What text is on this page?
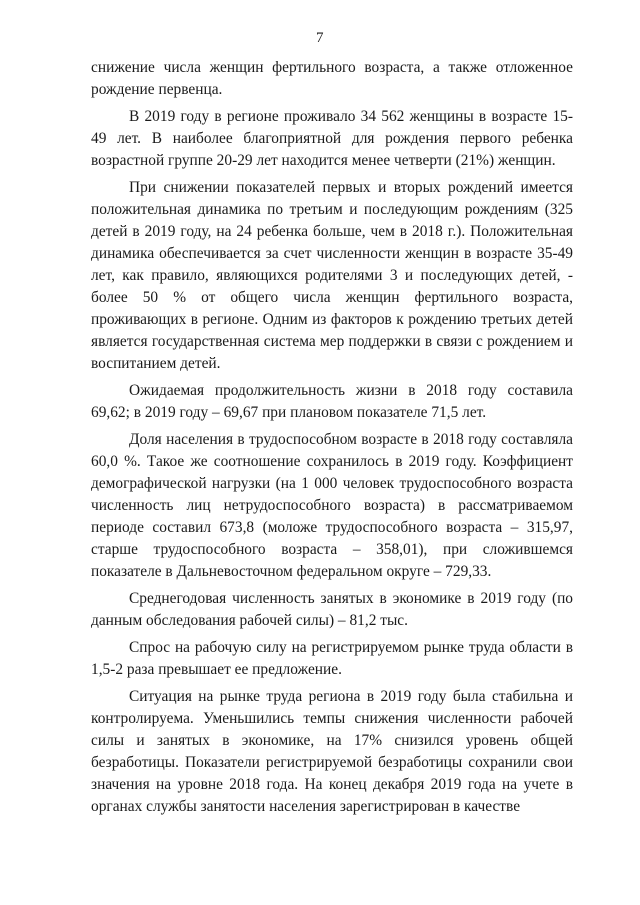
7

снижение числа женщин фертильного возраста, а также отложенное рождение первенца.

В 2019 году в регионе проживало 34 562 женщины в возрасте 15-49 лет. В наиболее благоприятной для рождения первого ребенка возрастной группе 20-29 лет находится менее четверти (21%) женщин.

При снижении показателей первых и вторых рождений имеется положительная динамика по третьим и последующим рождениям (325 детей в 2019 году, на 24 ребенка больше, чем в 2018 г.). Положительная динамика обеспечивается за счет численности женщин в возрасте 35-49 лет, как правило, являющихся родителями 3 и последующих детей, - более 50 % от общего числа женщин фертильного возраста, проживающих в регионе. Одним из факторов к рождению третьих детей является государственная система мер поддержки в связи с рождением и воспитанием детей.

Ожидаемая продолжительность жизни в 2018 году составила 69,62; в 2019 году – 69,67 при плановом показателе 71,5 лет.

Доля населения в трудоспособном возрасте в 2018 году составляла 60,0 %. Такое же соотношение сохранилось в 2019 году. Коэффициент демографической нагрузки (на 1 000 человек трудоспособного возраста численность лиц нетрудоспособного возраста) в рассматриваемом периоде составил 673,8 (моложе трудоспособного возраста – 315,97, старше трудоспособного возраста – 358,01), при сложившемся показателе в Дальневосточном федеральном округе – 729,33.

Среднегодовая численность занятых в экономике в 2019 году (по данным обследования рабочей силы) – 81,2 тыс.

Спрос на рабочую силу на регистрируемом рынке труда области в 1,5-2 раза превышает ее предложение.

Ситуация на рынке труда региона в 2019 году была стабильна и контролируема. Уменьшились темпы снижения численности рабочей силы и занятых в экономике, на 17% снизился уровень общей безработицы. Показатели регистрируемой безработицы сохранили свои значения на уровне 2018 года. На конец декабря 2019 года на учете в органах службы занятости населения зарегистрирован в качестве
